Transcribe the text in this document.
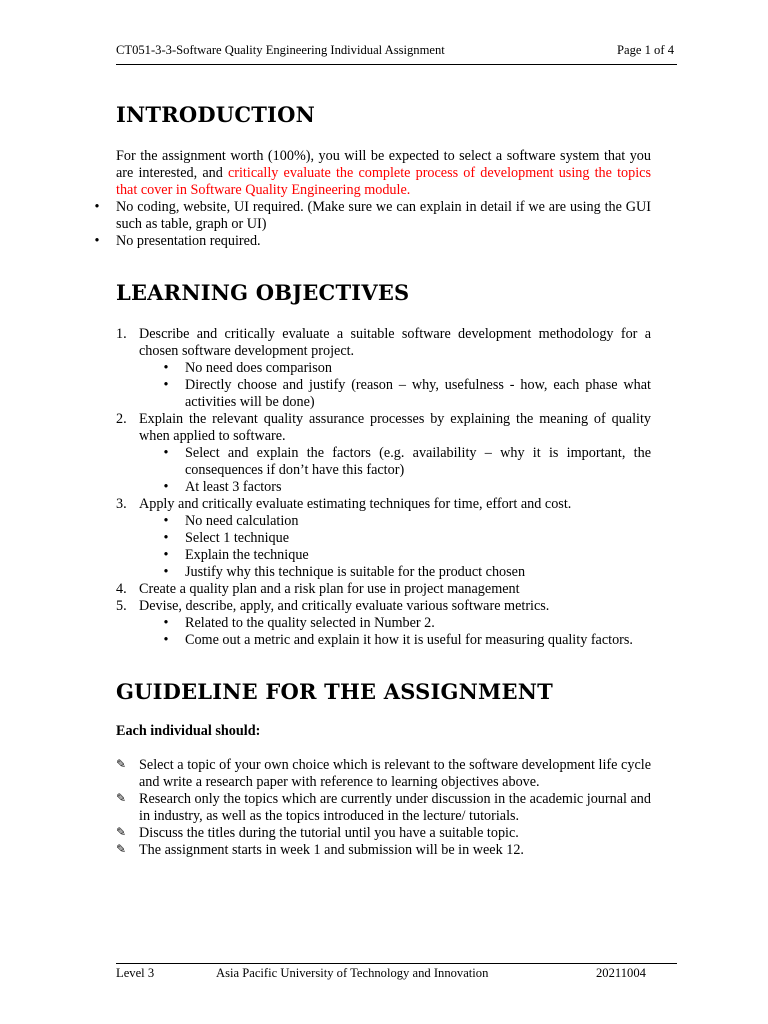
CT051-3-3-Software Quality Engineering Individual Assignment	Page 1 of 4
INTRODUCTION

For the assignment worth (100%), you will be expected to select a software system that you are interested, and critically evaluate the complete process of development using the topics that cover in Software Quality Engineering module.

• No coding, website, UI required. (Make sure we can explain in detail if we are using the GUI such as table, graph or UI)
• No presentation required.
LEARNING OBJECTIVES
1. Describe and critically evaluate a suitable software development methodology for a chosen software development project.
• No need does comparison
• Directly choose and justify (reason – why, usefulness - how, each phase what activities will be done)
2. Explain the relevant quality assurance processes by explaining the meaning of quality when applied to software.
• Select and explain the factors (e.g. availability – why it is important, the consequences if don’t have this factor)
• At least 3 factors
3. Apply and critically evaluate estimating techniques for time, effort and cost.
• No need calculation
• Select 1 technique
• Explain the technique
• Justify why this technique is suitable for the product chosen
4. Create a quality plan and a risk plan for use in project management
5. Devise, describe, apply, and critically evaluate various software metrics.
• Related to the quality selected in Number 2.
• Come out a metric and explain it how it is useful for measuring quality factors.
GUIDELINE FOR THE ASSIGNMENT

Each individual should:

✎ Select a topic of your own choice which is relevant to the software development life cycle and write a research paper with reference to learning objectives above.
✎ Research only the topics which are currently under discussion in the academic journal and in industry, as well as the topics introduced in the lecture/ tutorials.
✎ Discuss the titles during the tutorial until you have a suitable topic.
✎ The assignment starts in week 1 and submission will be in week 12.
Level 3	Asia Pacific University of Technology and Innovation	20211004
